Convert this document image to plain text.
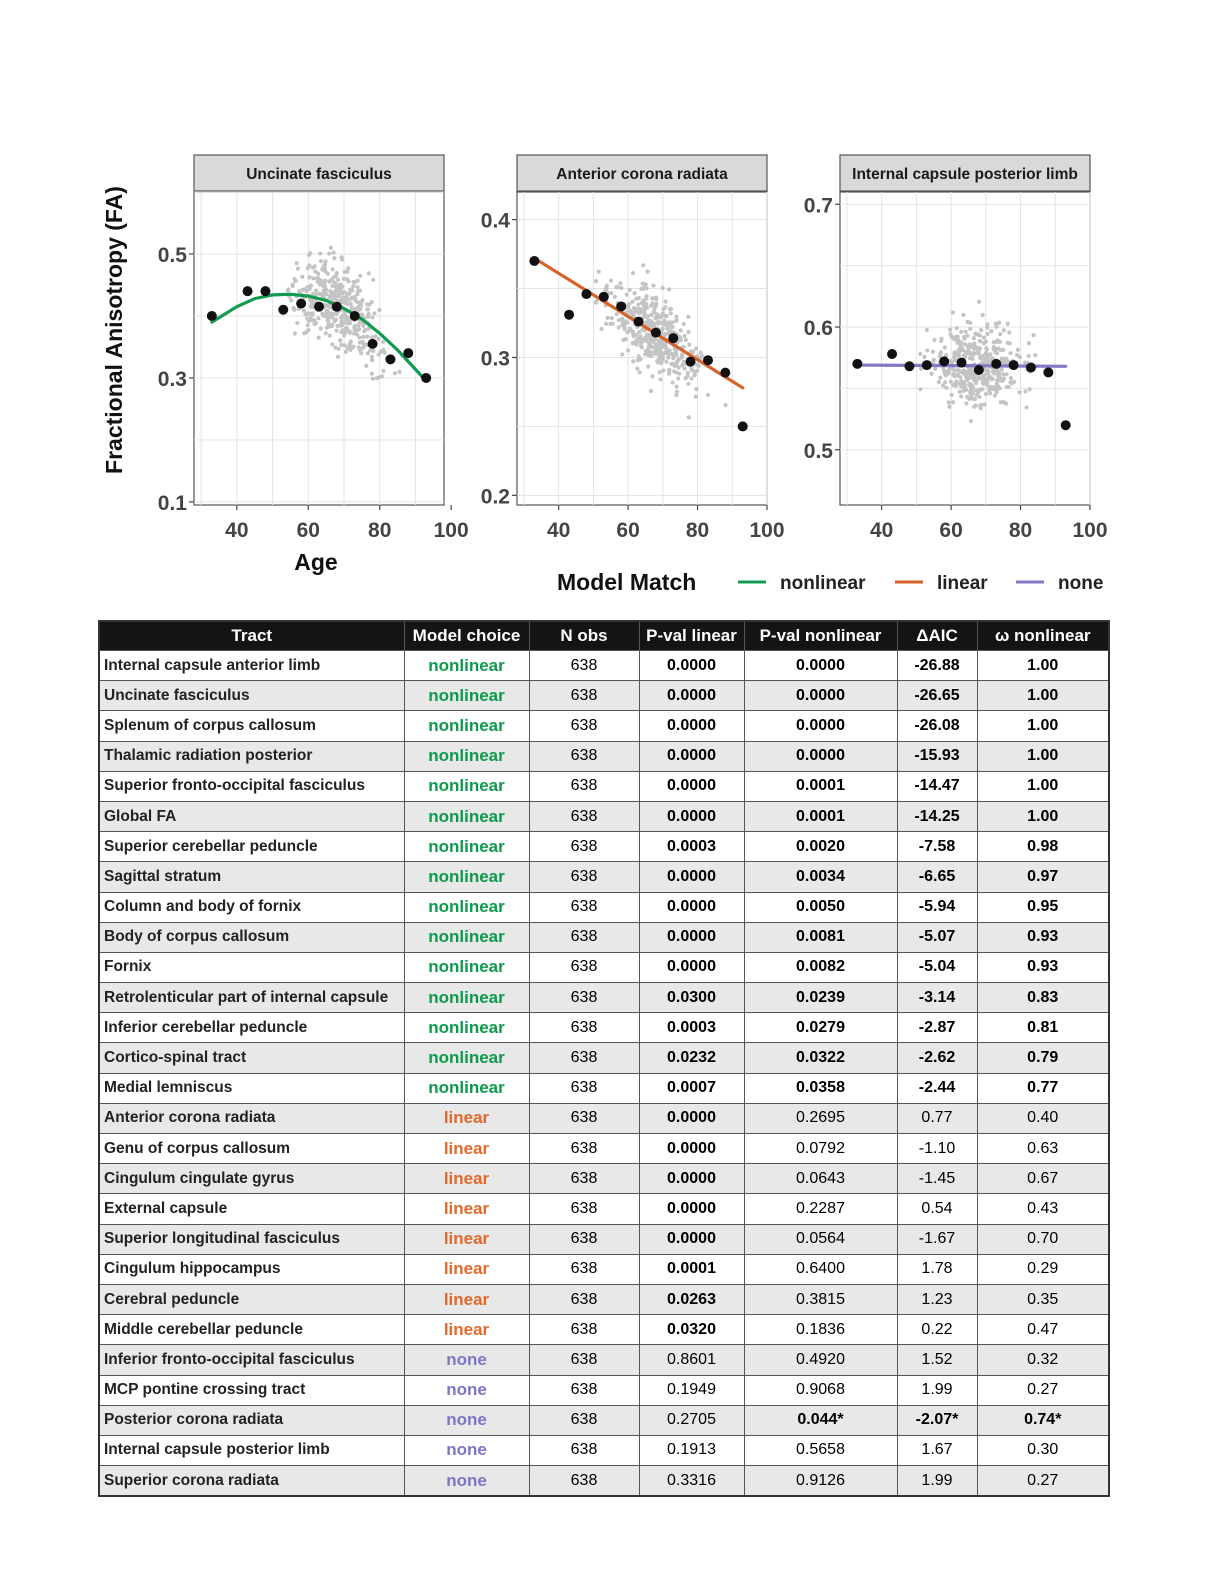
Fractional Anisotropy (FA)
Age
Uncinate fasciculus
0.1
0.3
0.5
40 60 80 100
Anterior corona radiata
0.2
0.3
0.4
40 60 80 100
Internal capsule posterior limb
0.5
0.6
0.7
40 60 80 100
Model Match	nonlinear	linear	none
Tract	Model choice	N obs	P-val linear	P-val nonlinear	ΔAIC	ω nonlinear
Internal capsule anterior limb	nonlinear	638	0.0000	0.0000	-26.88	1.00
Uncinate fasciculus	nonlinear	638	0.0000	0.0000	-26.65	1.00
Splenum of corpus callosum	nonlinear	638	0.0000	0.0000	-26.08	1.00
Thalamic radiation posterior	nonlinear	638	0.0000	0.0000	-15.93	1.00
Superior fronto-occipital fasciculus	nonlinear	638	0.0000	0.0001	-14.47	1.00
Global FA	nonlinear	638	0.0000	0.0001	-14.25	1.00
Superior cerebellar peduncle	nonlinear	638	0.0003	0.0020	-7.58	0.98
Sagittal stratum	nonlinear	638	0.0000	0.0034	-6.65	0.97
Column and body of fornix	nonlinear	638	0.0000	0.0050	-5.94	0.95
Body of corpus callosum	nonlinear	638	0.0000	0.0081	-5.07	0.93
Fornix	nonlinear	638	0.0000	0.0082	-5.04	0.93
Retrolenticular part of internal capsule	nonlinear	638	0.0300	0.0239	-3.14	0.83
Inferior cerebellar peduncle	nonlinear	638	0.0003	0.0279	-2.87	0.81
Cortico-spinal tract	nonlinear	638	0.0232	0.0322	-2.62	0.79
Medial lemniscus	nonlinear	638	0.0007	0.0358	-2.44	0.77
Anterior corona radiata	linear	638	0.0000	0.2695	0.77	0.40
Genu of corpus callosum	linear	638	0.0000	0.0792	-1.10	0.63
Cingulum cingulate gyrus	linear	638	0.0000	0.0643	-1.45	0.67
External capsule	linear	638	0.0000	0.2287	0.54	0.43
Superior longitudinal fasciculus	linear	638	0.0000	0.0564	-1.67	0.70
Cingulum hippocampus	linear	638	0.0001	0.6400	1.78	0.29
Cerebral peduncle	linear	638	0.0263	0.3815	1.23	0.35
Middle cerebellar peduncle	linear	638	0.0320	0.1836	0.22	0.47
Inferior fronto-occipital fasciculus	none	638	0.8601	0.4920	1.52	0.32
MCP pontine crossing tract	none	638	0.1949	0.9068	1.99	0.27
Posterior corona radiata	none	638	0.2705	0.044*	-2.07*	0.74*
Internal capsule posterior limb	none	638	0.1913	0.5658	1.67	0.30
Superior corona radiata	none	638	0.3316	0.9126	1.99	0.27
